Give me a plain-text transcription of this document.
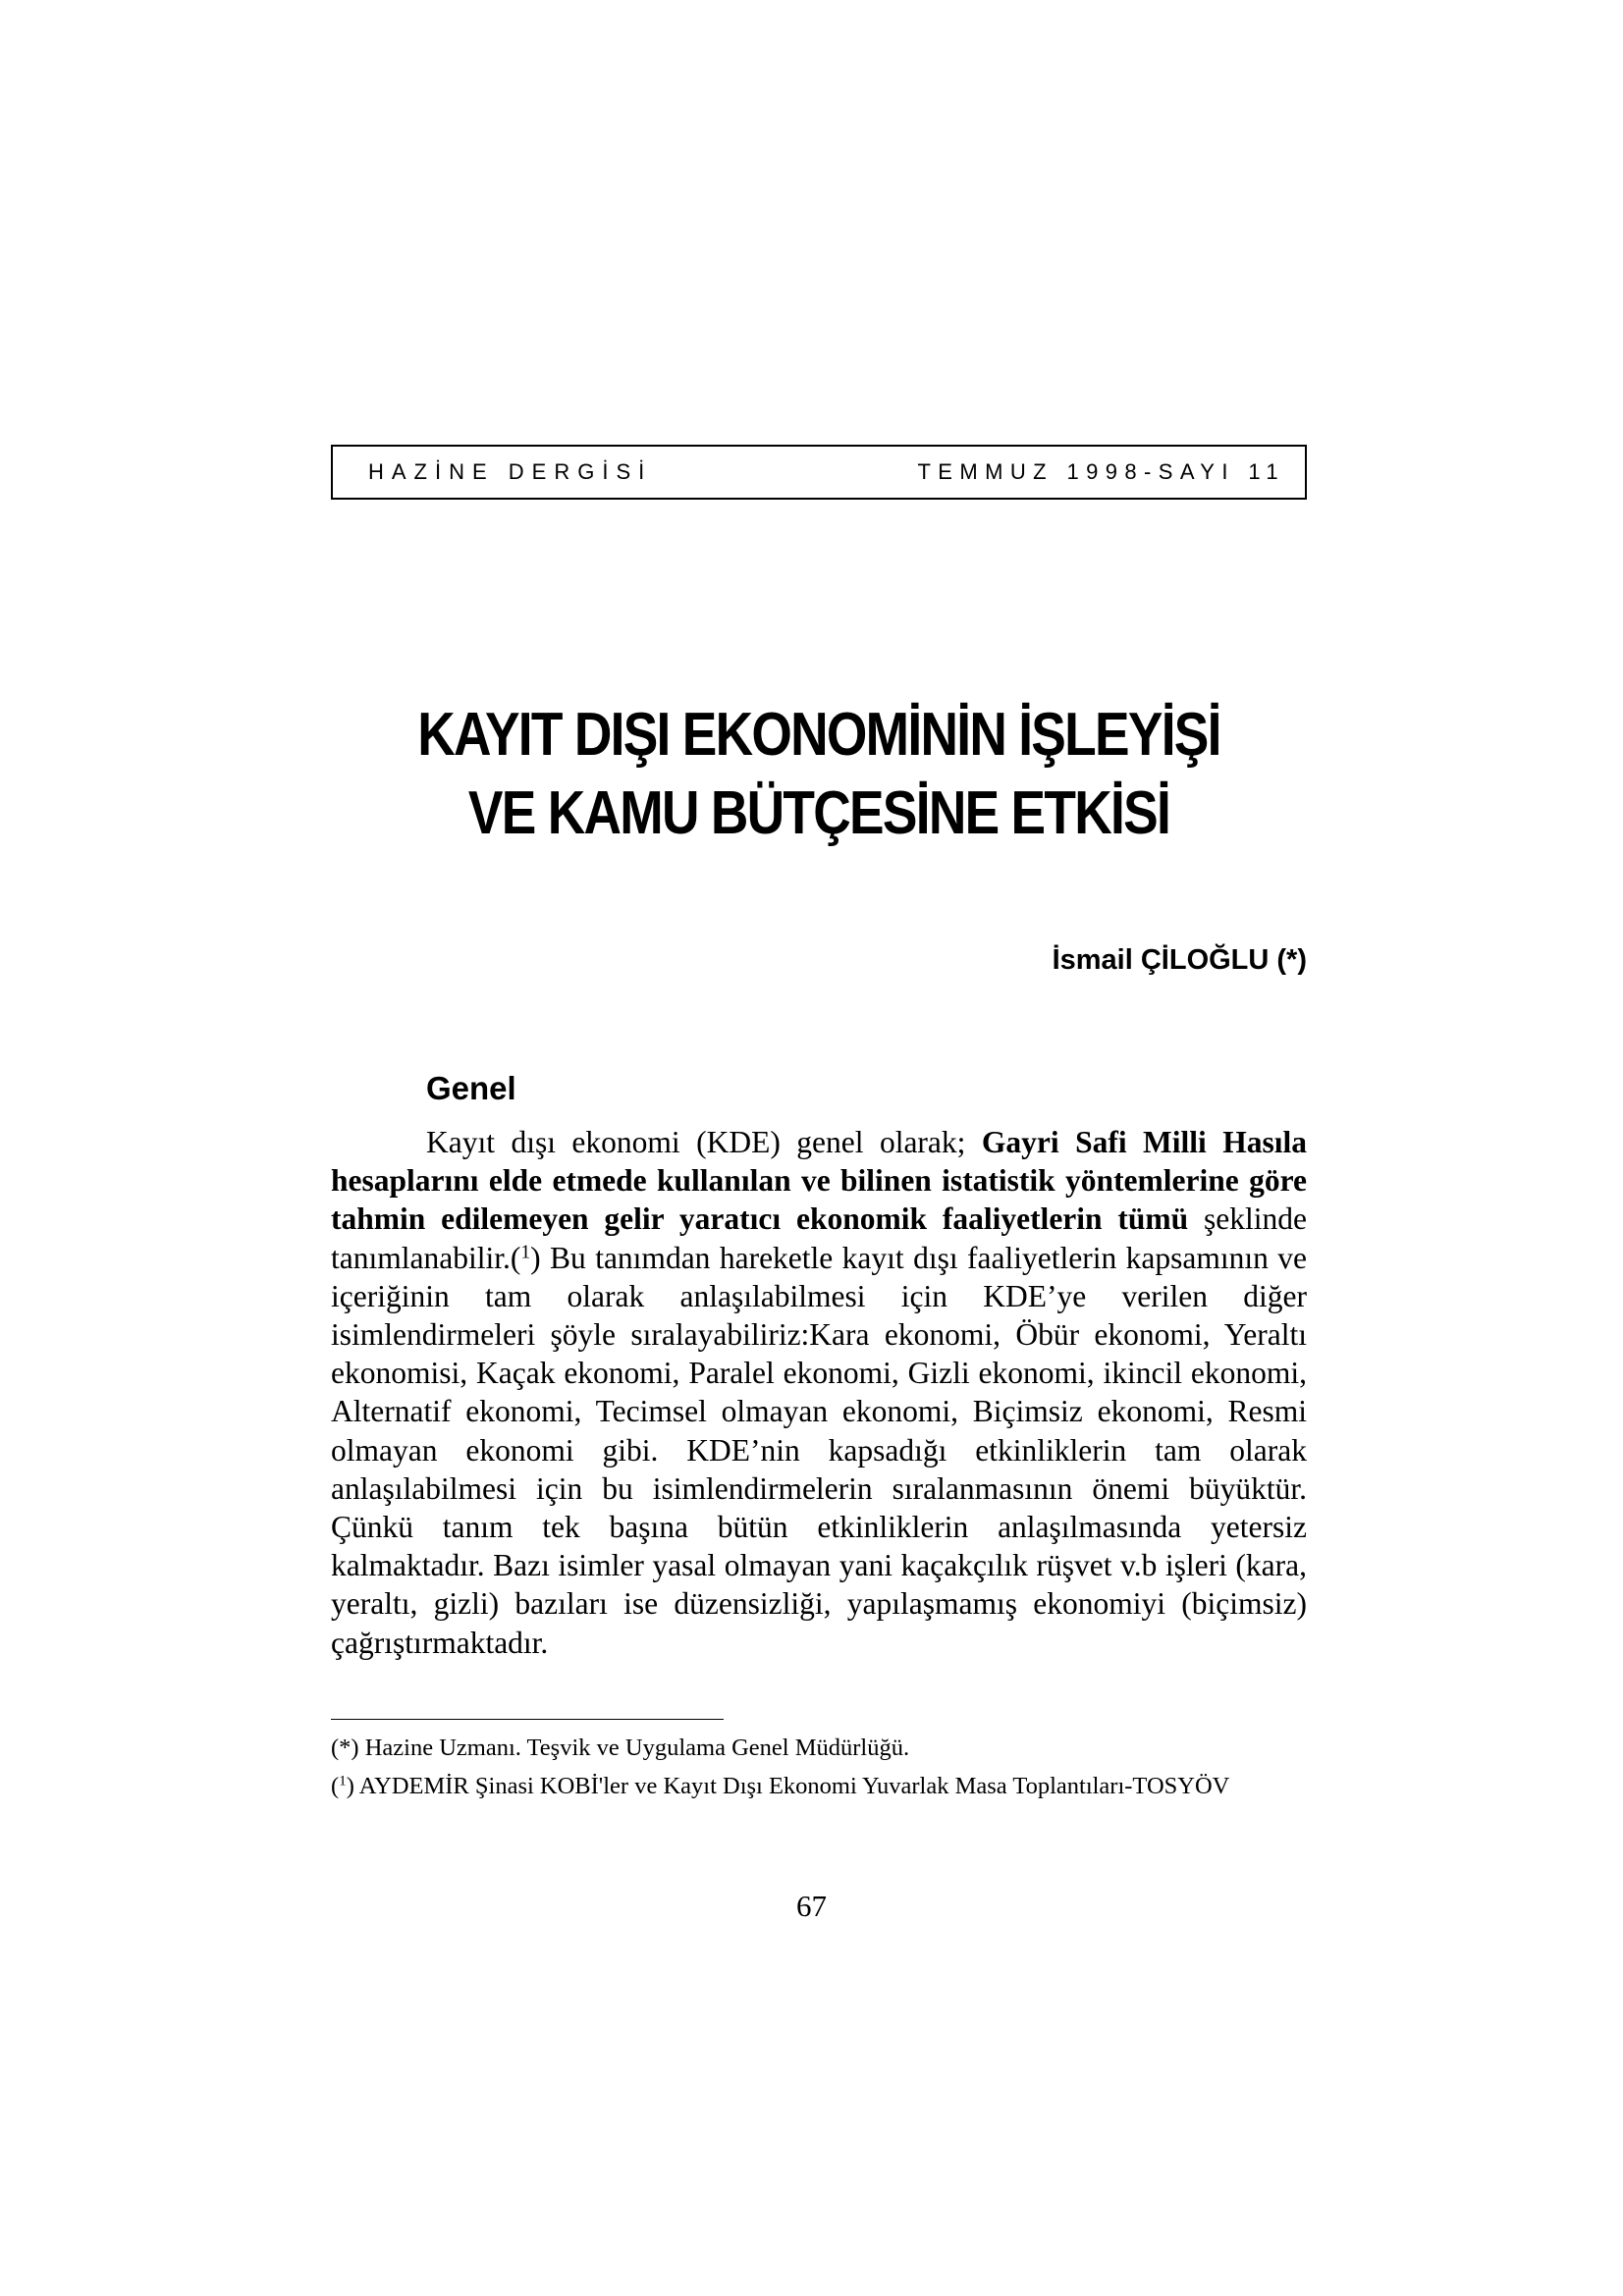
HAZİNE DERGİSİ	TEMMUZ 1998-SAYI 11
KAYIT DIŞI EKONOMİNİN İŞLEYİŞİ
VE KAMU BÜTÇESİNE ETKİSİ
İsmail ÇİLOĞLU (*)
Genel

Kayıt dışı ekonomi (KDE) genel olarak; Gayri Safi Milli Hasıla hesaplarını elde etmede kullanılan ve bilinen istatistik yöntemlerine göre tahmin edilemeyen gelir yaratıcı ekonomik faaliyetlerin tümü şeklinde tanımlanabilir.($^1$) Bu tanımdan hareketle kayıt dışı faaliyetlerin kapsamının ve içeriğinin tam olarak anlaşılabilmesi için KDE’ye verilen diğer isimlendirmeleri şöyle sıralayabiliriz:Kara ekonomi, Öbür ekonomi, Yeraltı ekonomisi, Kaçak ekonomi, Paralel ekonomi, Gizli ekonomi, ikincil ekonomi, Alternatif ekonomi, Tecimsel olmayan ekonomi, Biçimsiz ekonomi, Resmi olmayan ekonomi gibi. KDE’nin kapsadığı etkinliklerin tam olarak anlaşılabilmesi için bu isimlendirmelerin sıralanmasının önemi büyüktür. Çünkü tanım tek başına bütün etkinliklerin anlaşılmasında yetersiz kalmaktadır. Bazı isimler yasal olmayan yani kaçakçılık rüşvet v.b işleri (kara, yeraltı, gizli) bazıları ise düzensizliği, yapılaşmamış ekonomiyi (biçimsiz) çağrıştırmaktadır.

(*) Hazine Uzmanı. Teşvik ve Uygulama Genel Müdürlüğü.

($^1$) AYDEMİR Şinasi KOBİ'ler ve Kayıt Dışı Ekonomi Yuvarlak Masa Toplantıları-TOSYÖV

67
